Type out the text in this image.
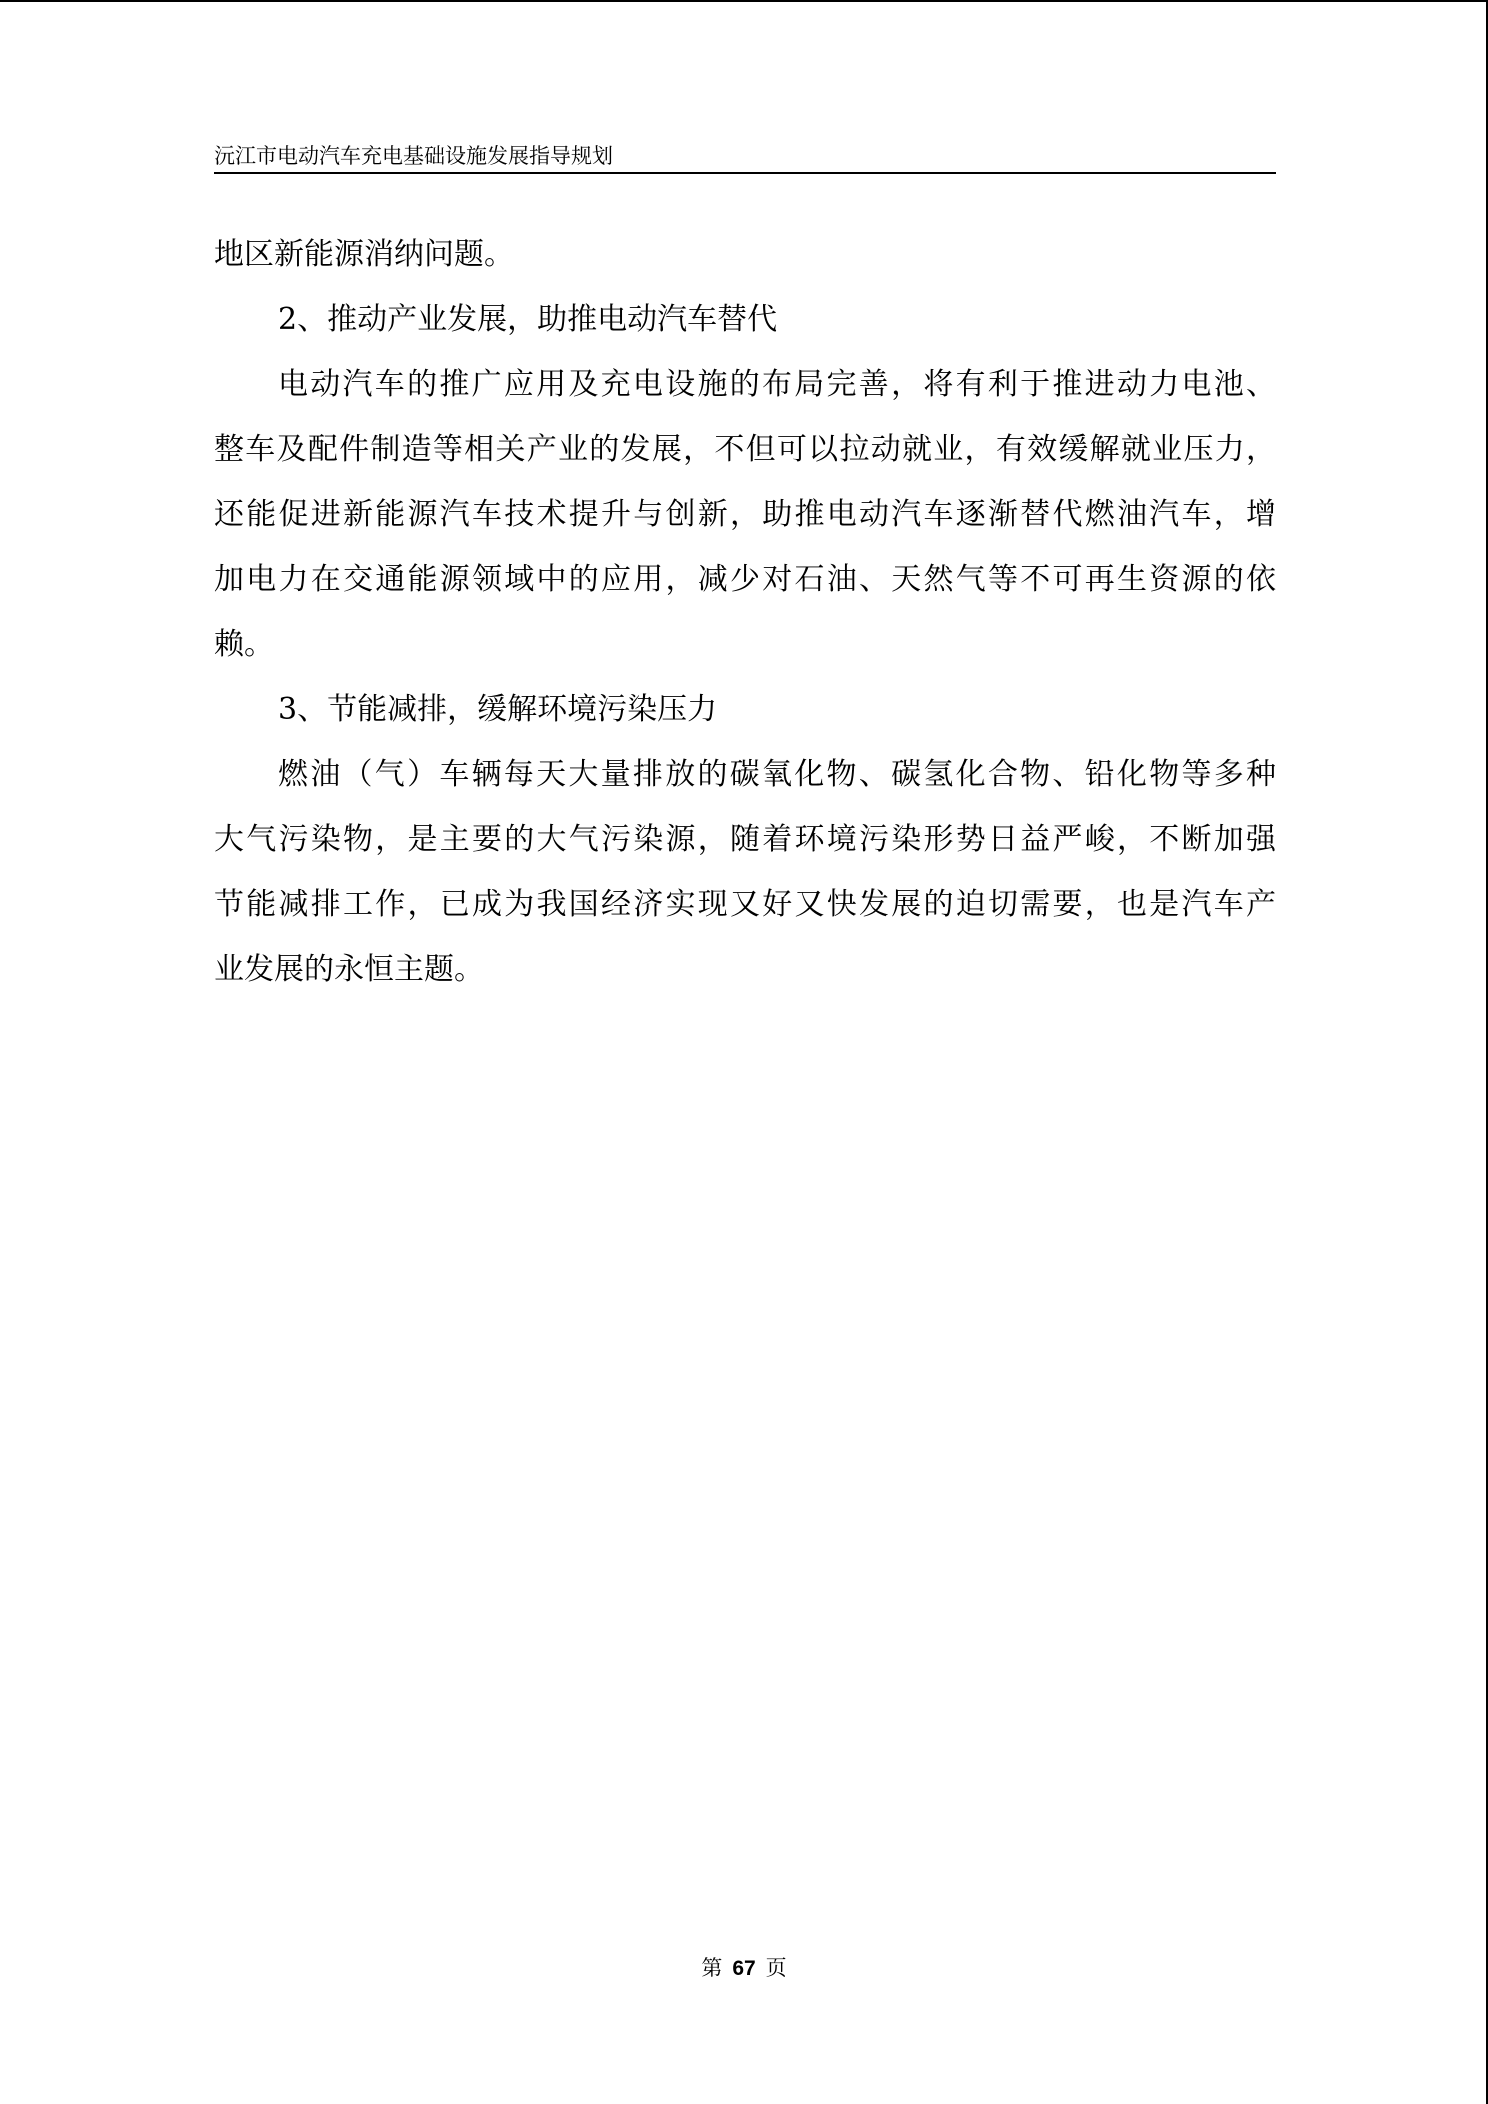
沅江市电动汽车充电基础设施发展指导规划

地区新能源消纳问题。

2、推动产业发展，助推电动汽车替代

电动汽车的推广应用及充电设施的布局完善，将有利于推进动力电池、
整车及配件制造等相关产业的发展，不但可以拉动就业，有效缓解就业压力，
还能促进新能源汽车技术提升与创新，助推电动汽车逐渐替代燃油汽车，增
加电力在交通能源领域中的应用，减少对石油、天然气等不可再生资源的依
赖。

3、节能减排，缓解环境污染压力

燃油（气）车辆每天大量排放的碳氧化物、碳氢化合物、铅化物等多种
大气污染物，是主要的大气污染源，随着环境污染形势日益严峻，不断加强
节能减排工作，已成为我国经济实现又好又快发展的迫切需要，也是汽车产
业发展的永恒主题。

第 67 页
